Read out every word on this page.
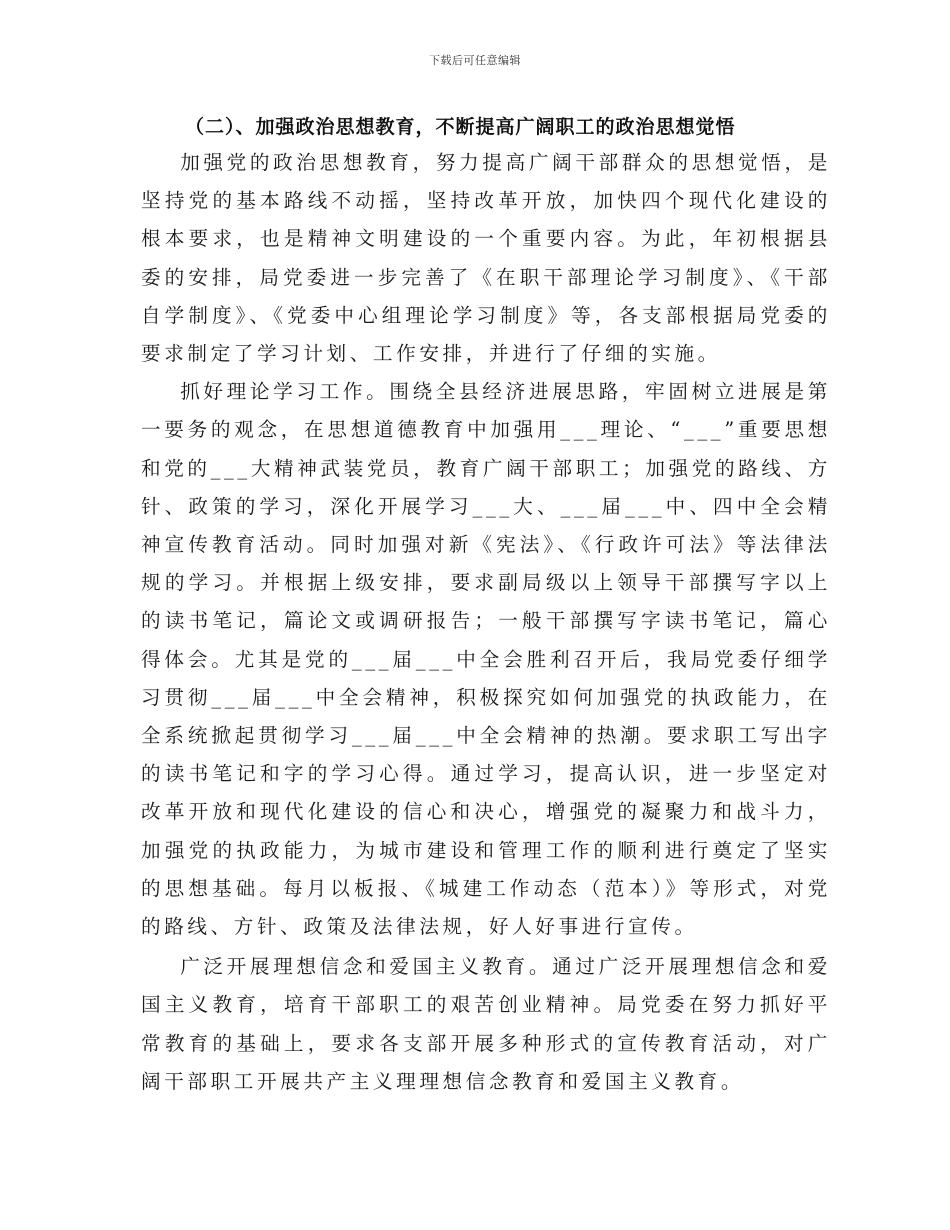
下载后可任意编辑
（二）、加强政治思想教育，不断提高广阔职工的政治思想觉悟

加强党的政治思想教育，努力提高广阔干部群众的思想觉悟，是坚持党的基本路线不动摇，坚持改革开放，加快四个现代化建设的根本要求，也是精神文明建设的一个重要内容。为此，年初根据县委的安排，局党委进一步完善了《在职干部理论学习制度》、《干部自学制度》、《党委中心组理论学习制度》等，各支部根据局党委的要求制定了学习计划、工作安排，并进行了仔细的实施。

抓好理论学习工作。围绕全县经济进展思路，牢固树立进展是第一要务的观念，在思想道德教育中加强用___理论、“___”重要思想和党的___大精神武装党员，教育广阔干部职工；加强党的路线、方针、政策的学习，深化开展学习___大、___届___中、四中全会精神宣传教育活动。同时加强对新《宪法》、《行政许可法》等法律法规的学习。并根据上级安排，要求副局级以上领导干部撰写字以上的读书笔记，篇论文或调研报告；一般干部撰写字读书笔记，篇心得体会。尤其是党的___届___中全会胜利召开后，我局党委仔细学习贯彻___届___中全会精神，积极探究如何加强党的执政能力，在全系统掀起贯彻学习___届___中全会精神的热潮。要求职工写出字的读书笔记和字的学习心得。通过学习，提高认识，进一步坚定对改革开放和现代化建设的信心和决心，增强党的凝聚力和战斗力，加强党的执政能力，为城市建设和管理工作的顺利进行奠定了坚实的思想基础。每月以板报、《城建工作动态（范本）》等形式，对党的路线、方针、政策及法律法规，好人好事进行宣传。

广泛开展理想信念和爱国主义教育。通过广泛开展理想信念和爱国主义教育，培育干部职工的艰苦创业精神。局党委在努力抓好平常教育的基础上，要求各支部开展多种形式的宣传教育活动，对广阔干部职工开展共产主义理理想信念教育和爱国主义教育。
